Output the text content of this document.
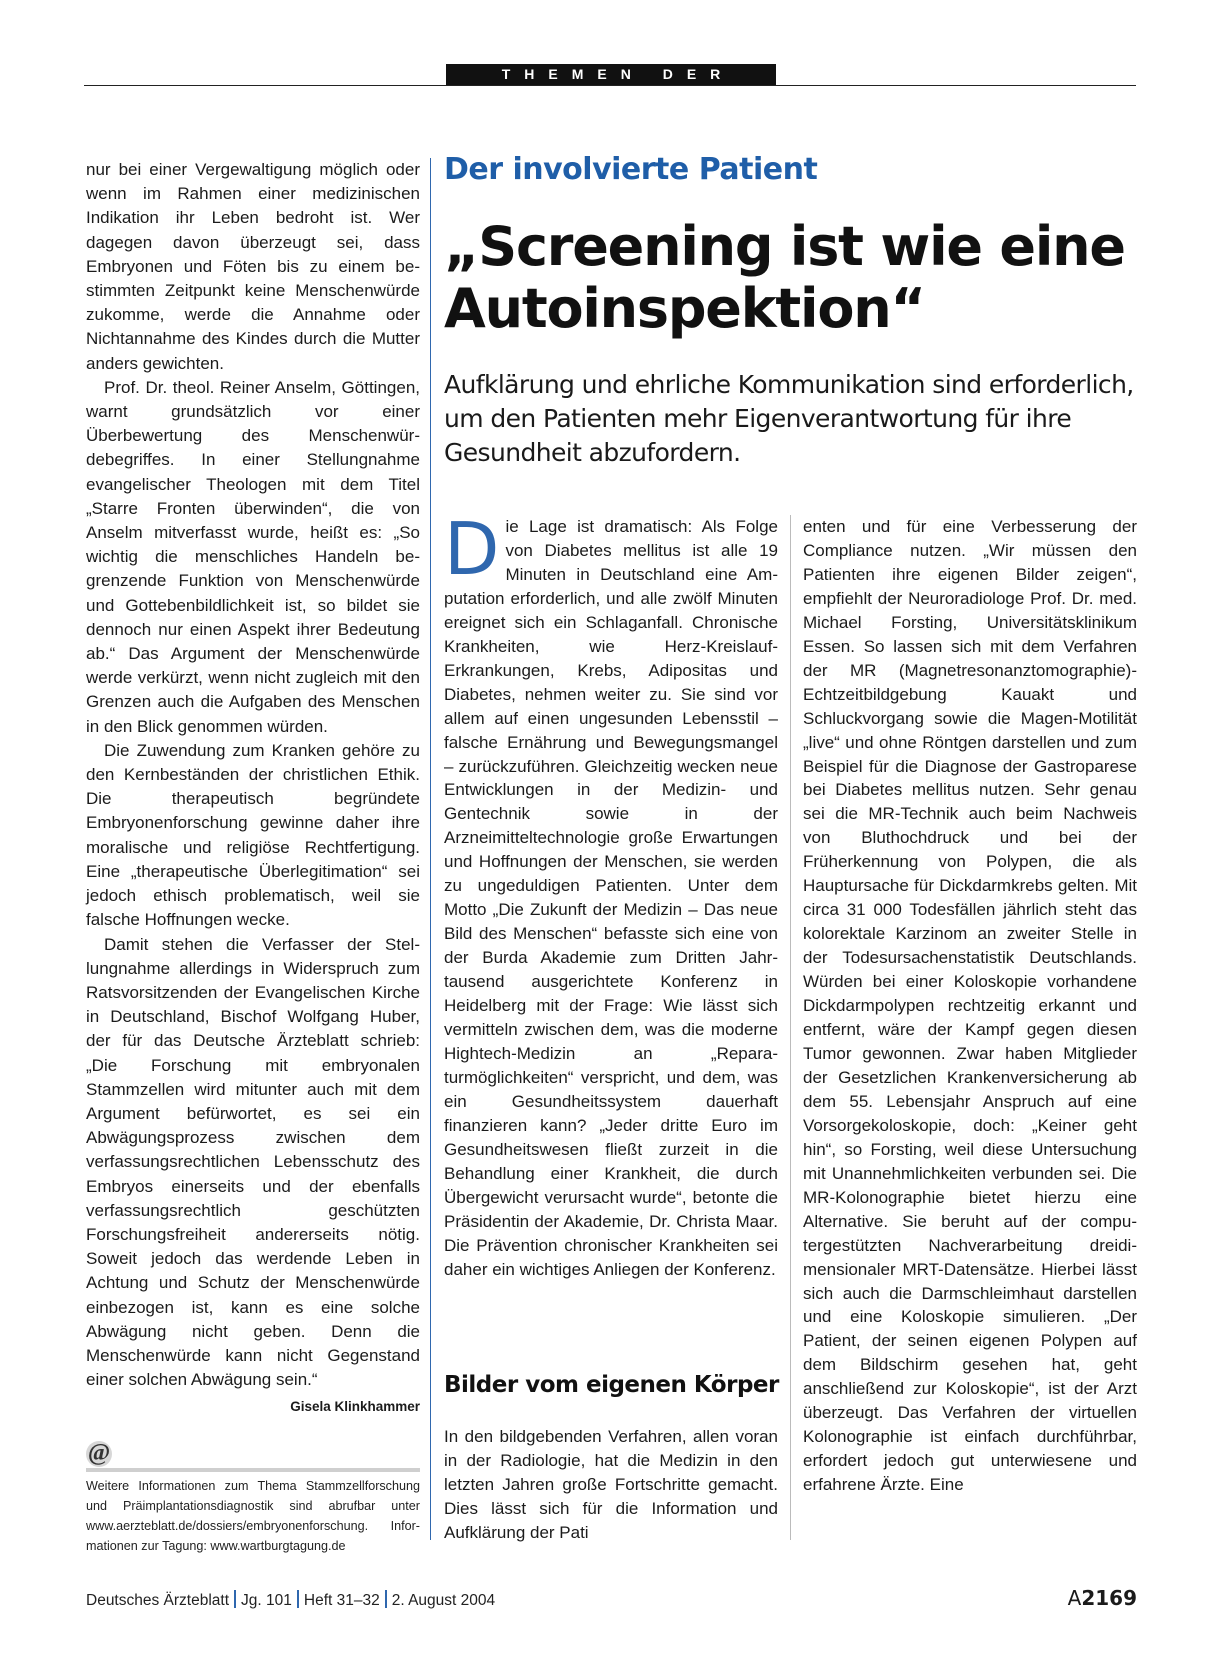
THEMEN DER ZEIT

nur bei einer Vergewaltigung möglich oder wenn im Rahmen einer medizinischen Indikation ihr Leben bedroht ist. Wer dagegen davon überzeugt sei, dass Embryonen und Föten bis zu einem bestimmten Zeitpunkt keine Menschenwürde zukomme, werde die Annahme oder Nichtannahme des Kindes durch die Mutter anders gewichten.

Prof. Dr. theol. Reiner Anselm, Göttingen, warnt grundsätzlich vor einer Überbewertung des Menschenwürdebegriffes. In einer Stellungnahme evangelischer Theologen mit dem Titel „Starre Fronten überwinden“, die von Anselm mitverfasst wurde, heißt es: „So wichtig die menschliches Handeln begrenzende Funktion von Menschenwürde und Gottebenbildlichkeit ist, so bildet sie dennoch nur einen Aspekt ihrer Bedeutung ab.“ Das Argument der Menschenwürde werde verkürzt, wenn nicht zugleich mit den Grenzen auch die Aufgaben des Menschen in den Blick genommen würden.

Die Zuwendung zum Kranken gehöre zu den Kernbeständen der christlichen Ethik. Die therapeutisch begründete Embryonenforschung gewinne daher ihre moralische und religiöse Rechtfertigung. Eine „therapeutische Überlegitimation“ sei jedoch ethisch problematisch, weil sie falsche Hoffnungen wecke.

Damit stehen die Verfasser der Stellungnahme allerdings in Widerspruch zum Ratsvorsitzenden der Evangelischen Kirche in Deutschland, Bischof Wolfgang Huber, der für das Deutsche Ärzteblatt schrieb: „Die Forschung mit embryonalen Stammzellen wird mitunter auch mit dem Argument befürwortet, es sei ein Abwägungsprozess zwischen dem verfassungsrechtlichen Lebensschutz des Embryos einerseits und der ebenfalls verfassungsrechtlich geschützten Forschungsfreiheit andererseits nötig. Soweit jedoch das werdende Leben in Achtung und Schutz der Menschenwürde einbezogen ist, kann es eine solche Abwägung nicht geben. Denn die Menschenwürde kann nicht Gegenstand einer solchen Abwägung sein.“
Gisela Klinkhammer

@
Weitere Informationen zum Thema Stammzellforschung und Präimplantationsdiagnostik sind abrufbar unter www.aerzteblatt.de/dossiers/embryonenforschung. Informationen zur Tagung: www.wartburgtagung.de
Der involvierte Patient
„Screening ist wie eine Autoinspektion“
Aufklärung und ehrliche Kommunikation sind erforderlich, um den Patienten mehr Eigenverantwortung für ihre Gesundheit abzufordern.

Die Lage ist dramatisch: Als Folge von Diabetes mellitus ist alle 19 Minuten in Deutschland eine Amputation erforderlich, und alle zwölf Minuten ereignet sich ein Schlaganfall. Chronische Krankheiten, wie Herz-Kreislauf-Erkrankungen, Krebs, Adipositas und Diabetes, nehmen weiter zu. Sie sind vor allem auf einen ungesunden Lebensstil – falsche Ernährung und Bewegungsmangel – zurückzuführen. Gleichzeitig wecken neue Entwicklungen in der Medizin- und Gentechnik sowie in der Arzneimitteltechnologie große Erwartungen und Hoffnungen der Menschen, sie werden zu ungeduldigen Patienten. Unter dem Motto „Die Zukunft der Medizin – Das neue Bild des Menschen“ befasste sich eine von der Burda Akademie zum Dritten Jahrtausend ausgerichtete Konferenz in Heidelberg mit der Frage: Wie lässt sich vermitteln zwischen dem, was die moderne Hightech-Medizin an „Reparaturmöglichkeiten“ verspricht, und dem, was ein Gesundheitssystem dauerhaft finanzieren kann? „Jeder dritte Euro im Gesundheitswesen fließt zurzeit in die Behandlung einer Krankheit, die durch Übergewicht verursacht wurde“, betonte die Präsidentin der Akademie, Dr. Christa Maar. Die Prävention chronischer Krankheiten sei daher ein wichtiges Anliegen der Konferenz.

Bilder vom eigenen Körper

In den bildgebenden Verfahren, allen voran in der Radiologie, hat die Medizin in den letzten Jahren große Fortschritte gemacht. Dies lässt sich für die Information und Aufklärung der Pati

enten und für eine Verbesserung der Compliance nutzen. „Wir müssen den Patienten ihre eigenen Bilder zeigen“, empfiehlt der Neuroradiologe Prof. Dr. med. Michael Forsting, Universitätsklinikum Essen. So lassen sich mit dem Verfahren der MR (Magnetresonanztomographie)-Echtzeitbildgebung Kauakt und Schluckvorgang sowie die Magen-Motilität „live“ und ohne Röntgen darstellen und zum Beispiel für die Diagnose der Gastroparese bei Diabetes mellitus nutzen. Sehr genau sei die MR-Technik auch beim Nachweis von Bluthochdruck und bei der Früherkennung von Polypen, die als Hauptursache für Dickdarmkrebs gelten. Mit circa 31 000 Todesfällen jährlich steht das kolorektale Karzinom an zweiter Stelle in der Todesursachenstatistik Deutschlands. Würden bei einer Koloskopie vorhandene Dickdarmpolypen rechtzeitig erkannt und entfernt, wäre der Kampf gegen diesen Tumor gewonnen. Zwar haben Mitglieder der Gesetzlichen Krankenversicherung ab dem 55. Lebensjahr Anspruch auf eine Vorsorgekoloskopie, doch: „Keiner geht hin“, so Forsting, weil diese Untersuchung mit Unannehmlichkeiten verbunden sei. Die MR-Kolonographie bietet hierzu eine Alternative. Sie beruht auf der computergestützten Nachverarbeitung dreidimensionaler MRT-Datensätze. Hierbei lässt sich auch die Darmschleimhaut darstellen und eine Koloskopie simulieren. „Der Patient, der seinen eigenen Polypen auf dem Bildschirm gesehen hat, geht anschließend zur Koloskopie“, ist der Arzt überzeugt. Das Verfahren der virtuellen Kolonographie ist einfach durchführbar, erfordert jedoch gut unterwiesene und erfahrene Ärzte. Eine

Deutsches Ärzteblatt Jg. 101 Heft 31–32 2. August 2004	A2169
